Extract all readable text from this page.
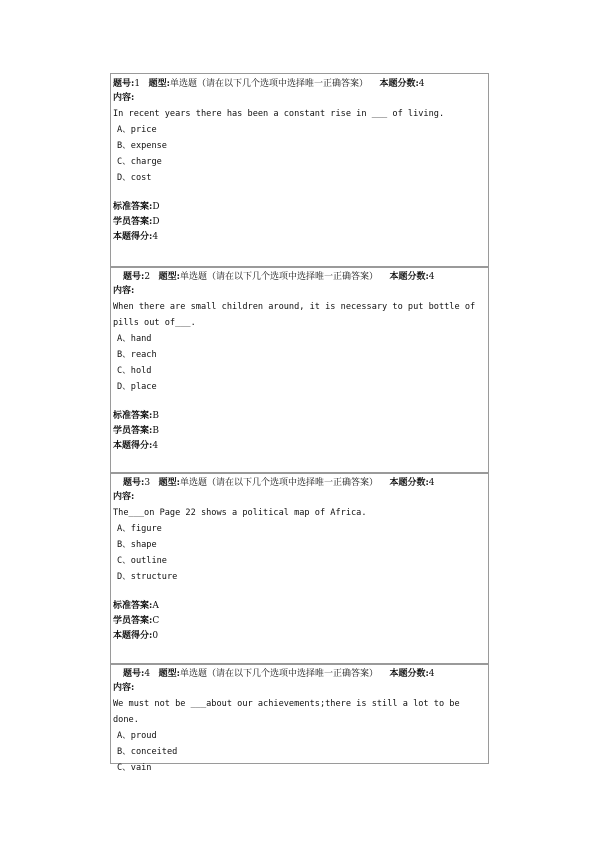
题号:1 题型:单选题（请在以下几个选项中选择唯一正确答案） 本题分数:4
内容:
In recent years there has been a constant rise in ___ of living.
A、price
B、expense
C、charge
D、cost
标准答案:D
学员答案:D
本题得分:4
题号:2 题型:单选题（请在以下几个选项中选择唯一正确答案） 本题分数:4
内容:
When there are small children around, it is necessary to put bottle of pills out of___.
A、hand
B、reach
C、hold
D、place
标准答案:B
学员答案:B
本题得分:4
题号:3 题型:单选题（请在以下几个选项中选择唯一正确答案） 本题分数:4
内容:
The___on Page 22 shows a political map of Africa.
A、figure
B、shape
C、outline
D、structure
标准答案:A
学员答案:C
本题得分:0
题号:4 题型:单选题（请在以下几个选项中选择唯一正确答案） 本题分数:4
内容:
We must not be ___about our achievements;there is still a lot to be done.
A、proud
B、conceited
C、vain
